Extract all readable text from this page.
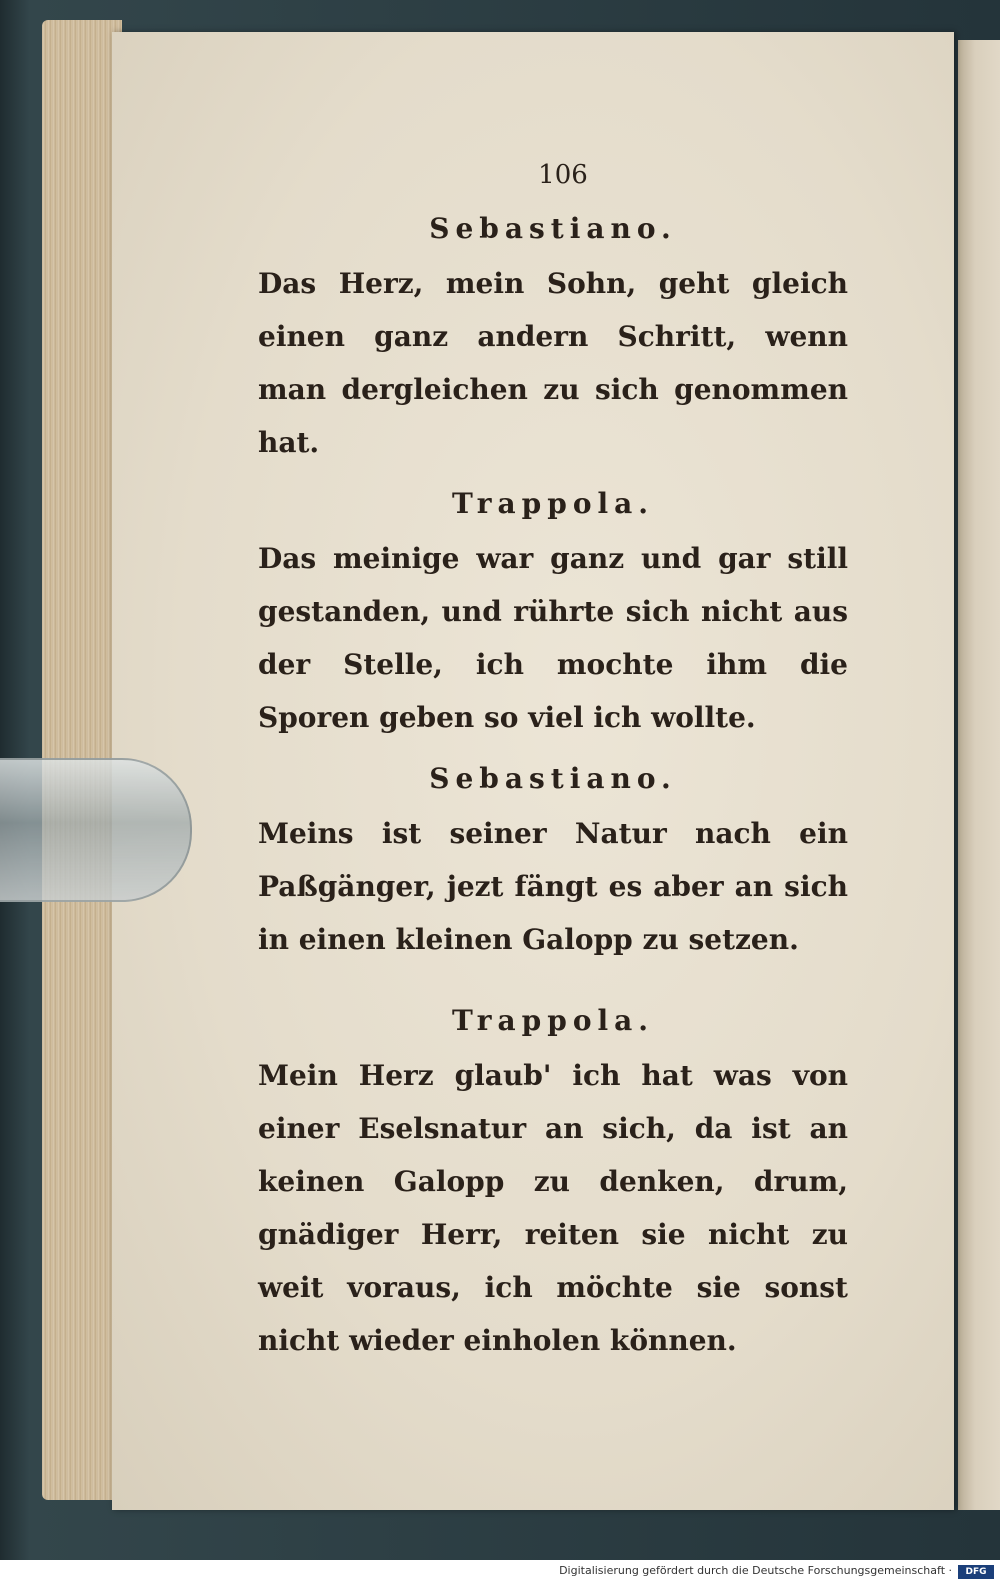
106
Sebastiano.

Das Herz, mein Sohn, geht gleich einen ganz andern Schritt, wenn man dergleichen zu sich genommen hat.

Trappola.

Das meinige war ganz und gar still gestanden, und rührte sich nicht aus der Stelle, ich mochte ihm die Sporen geben so viel ich wollte.

Sebastiano.

Meins ist seiner Natur nach ein Paßgänger, jezt fängt es aber an sich in einen kleinen Galopp zu setzen.

Trappola.

Mein Herz glaub' ich hat was von einer Eselsnatur an sich, da ist an keinen Galopp zu denken, drum, gnädiger Herr, reiten sie nicht zu weit voraus, ich möchte sie sonst nicht wieder einholen können.

Digitalisierung gefördert durch die Deutsche Forschungsgemeinschaft ·	DFG
